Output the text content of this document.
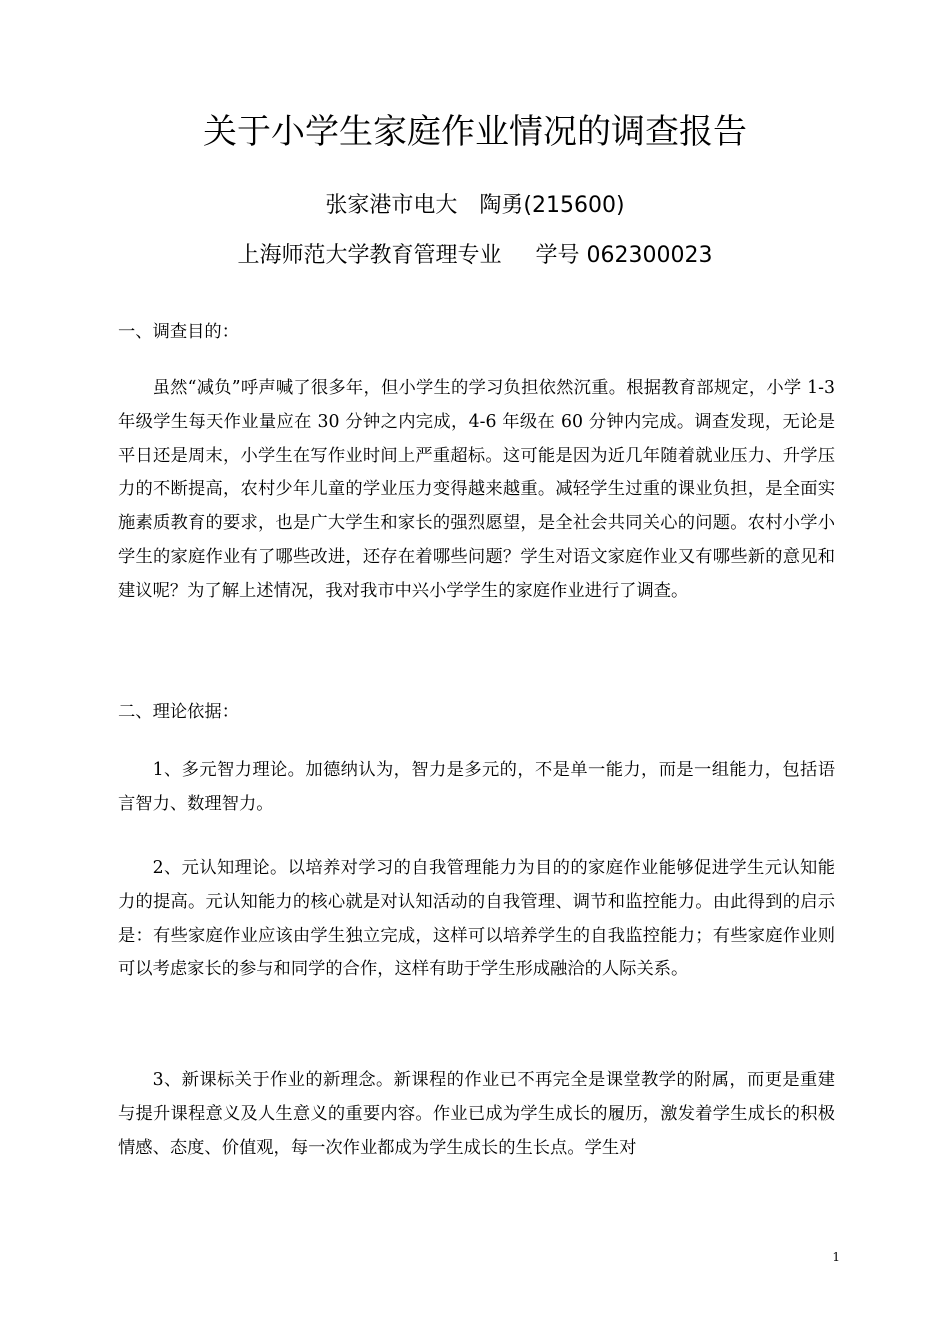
关于小学生家庭作业情况的调查报告
张家港市电大 陶勇(215600)
上海师范大学教育管理专业 学号 062300023

一、调查目的：

虽然“减负”呼声喊了很多年，但小学生的学习负担依然沉重。根据教育部规定，小学 1-3 年级学生每天作业量应在 30 分钟之内完成，4-6 年级在 60 分钟内完成。调查发现，无论是平日还是周末，小学生在写作业时间上严重超标。这可能是因为近几年随着就业压力、升学压力的不断提高，农村少年儿童的学业压力变得越来越重。减轻学生过重的课业负担，是全面实施素质教育的要求，也是广大学生和家长的强烈愿望，是全社会共同关心的问题。农村小学小学生的家庭作业有了哪些改进，还存在着哪些问题？学生对语文家庭作业又有哪些新的意见和建议呢？为了解上述情况，我对我市中兴小学学生的家庭作业进行了调查。

二、理论依据：

1、多元智力理论。加德纳认为，智力是多元的，不是单一能力，而是一组能力，包括语言智力、数理智力。

2、元认知理论。以培养对学习的自我管理能力为目的的家庭作业能够促进学生元认知能力的提高。元认知能力的核心就是对认知活动的自我管理、调节和监控能力。由此得到的启示是：有些家庭作业应该由学生独立完成，这样可以培养学生的自我监控能力；有些家庭作业则可以考虑家长的参与和同学的合作，这样有助于学生形成融洽的人际关系。

3、新课标关于作业的新理念。新课程的作业已不再完全是课堂教学的附属，而更是重建与提升课程意义及人生意义的重要内容。作业已成为学生成长的履历，激发着学生成长的积极情感、态度、价值观，每一次作业都成为学生成长的生长点。学生对

1
